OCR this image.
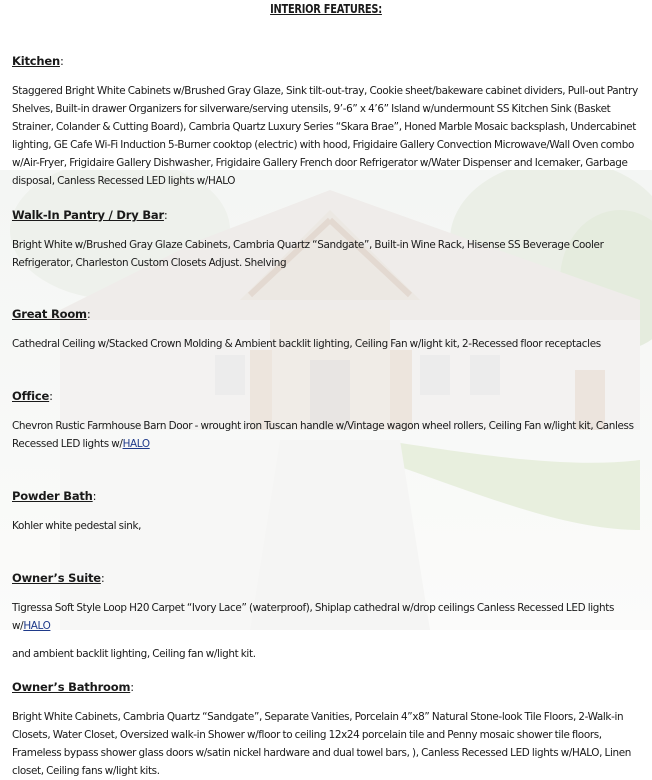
INTERIOR FEATURES:
Kitchen:
Staggered Bright White Cabinets w/Brushed Gray Glaze, Sink tilt-out-tray, Cookie sheet/bakeware cabinet dividers, Pull-out Pantry Shelves, Built-in drawer Organizers for silverware/serving utensils, 9’-6” x 4’6” Island w/undermount SS Kitchen Sink (Basket Strainer, Colander & Cutting Board), Cambria Quartz Luxury Series “Skara Brae”, Honed Marble Mosaic backsplash, Undercabinet lighting, GE Cafe Wi-Fi Induction 5-Burner cooktop (electric) with hood, Frigidaire Gallery Convection Microwave/Wall Oven combo w/Air-Fryer, Frigidaire Gallery Dishwasher, Frigidaire Gallery French door Refrigerator w/Water Dispenser and Icemaker, Garbage disposal, Canless Recessed LED lights w/HALO
Walk-In Pantry / Dry Bar:
Bright White w/Brushed Gray Glaze Cabinets, Cambria Quartz “Sandgate”, Built-in Wine Rack, Hisense SS Beverage Cooler Refrigerator, Charleston Custom Closets Adjust. Shelving
Great Room:
Cathedral Ceiling w/Stacked Crown Molding & Ambient backlit lighting, Ceiling Fan w/light kit, 2-Recessed floor receptacles
Office:
Chevron Rustic Farmhouse Barn Door - wrought iron Tuscan handle w/Vintage wagon wheel rollers, Ceiling Fan w/light kit, Canless Recessed LED lights w/HALO
Powder Bath:
Kohler white pedestal sink,
Owner’s Suite:
Tigressa Soft Style Loop H20 Carpet “Ivory Lace” (waterproof), Shiplap cathedral w/drop ceilings Canless Recessed LED lights w/HALO
and ambient backlit lighting, Ceiling fan w/light kit.
Owner’s Bathroom:
Bright White Cabinets, Cambria Quartz “Sandgate”, Separate Vanities, Porcelain 4”x8” Natural Stone-look Tile Floors, 2-Walk-in Closets, Water Closet, Oversized walk-in Shower w/floor to ceiling 12x24 porcelain tile and Penny mosaic shower tile floors, Frameless bypass shower glass doors w/satin nickel hardware and dual towel bars, ), Canless Recessed LED lights w/HALO, Linen closet, Ceiling fans w/light kits.
